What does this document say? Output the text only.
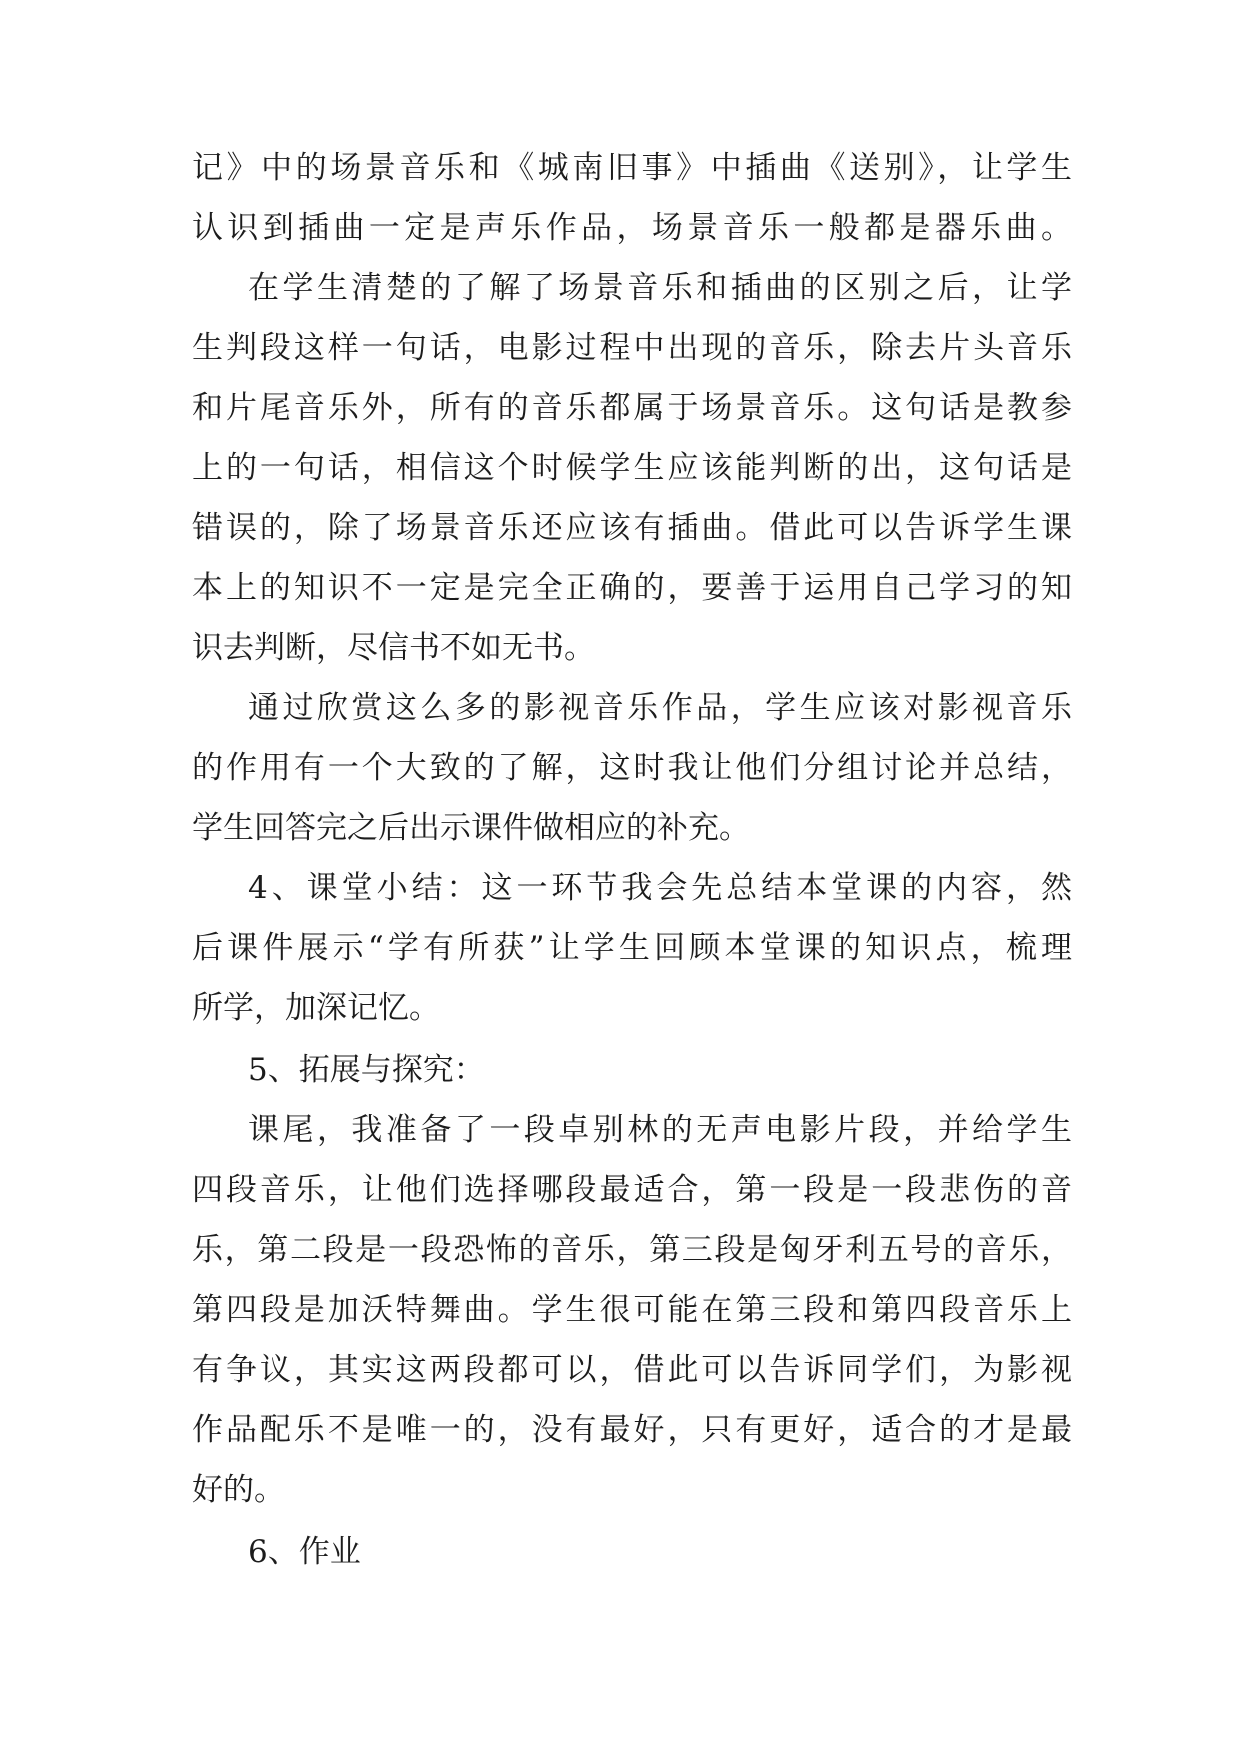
记》中的场景音乐和《城南旧事》中插曲《送别》，让学生
认识到插曲一定是声乐作品，场景音乐一般都是器乐曲。
在学生清楚的了解了场景音乐和插曲的区别之后，让学
生判段这样一句话，电影过程中出现的音乐，除去片头音乐
和片尾音乐外，所有的音乐都属于场景音乐。这句话是教参
上的一句话，相信这个时候学生应该能判断的出，这句话是
错误的，除了场景音乐还应该有插曲。借此可以告诉学生课
本上的知识不一定是完全正确的，要善于运用自己学习的知
识去判断，尽信书不如无书。
通过欣赏这么多的影视音乐作品，学生应该对影视音乐
的作用有一个大致的了解，这时我让他们分组讨论并总结，
学生回答完之后出示课件做相应的补充。
4、课堂小结：这一环节我会先总结本堂课的内容，然
后课件展示“学有所获”让学生回顾本堂课的知识点，梳理
所学，加深记忆。
5、拓展与探究：
课尾，我准备了一段卓别林的无声电影片段，并给学生
四段音乐，让他们选择哪段最适合，第一段是一段悲伤的音
乐，第二段是一段恐怖的音乐，第三段是匈牙利五号的音乐，
第四段是加沃特舞曲。学生很可能在第三段和第四段音乐上
有争议，其实这两段都可以，借此可以告诉同学们，为影视
作品配乐不是唯一的，没有最好，只有更好，适合的才是最
好的。
6、作业
